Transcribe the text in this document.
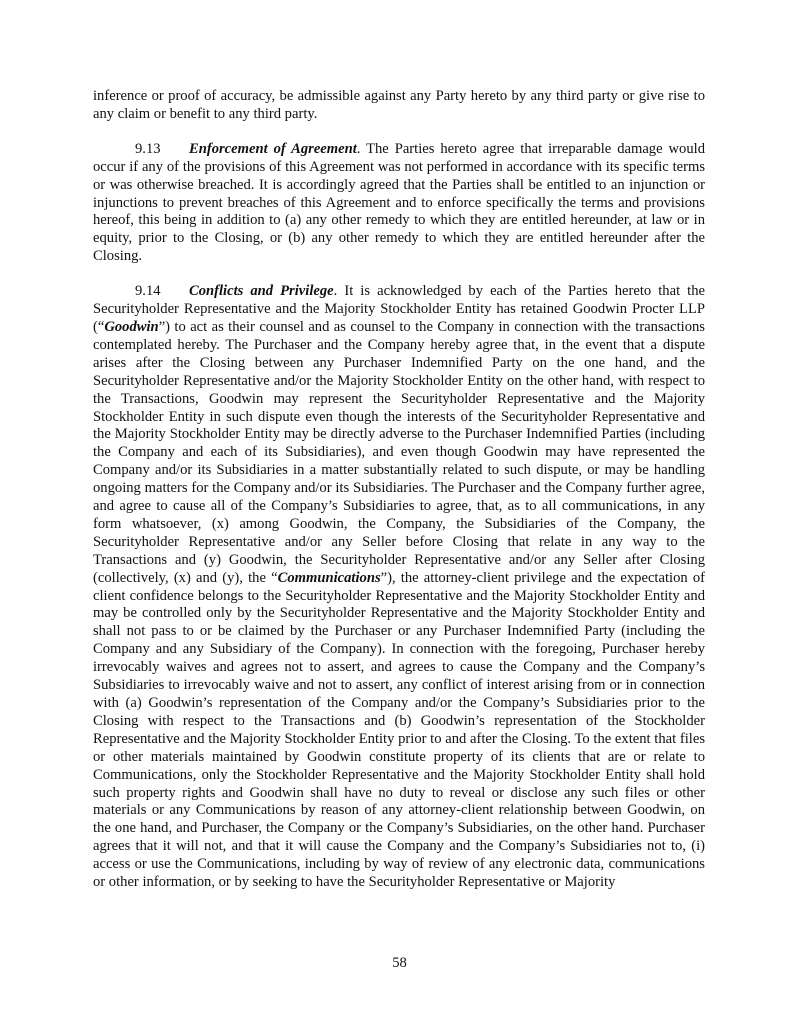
inference or proof of accuracy, be admissible against any Party hereto by any third party or give rise to any claim or benefit to any third party.

9.13 Enforcement of Agreement. The Parties hereto agree that irreparable damage would occur if any of the provisions of this Agreement was not performed in accordance with its specific terms or was otherwise breached. It is accordingly agreed that the Parties shall be entitled to an injunction or injunctions to prevent breaches of this Agreement and to enforce specifically the terms and provisions hereof, this being in addition to (a) any other remedy to which they are entitled hereunder, at law or in equity, prior to the Closing, or (b) any other remedy to which they are entitled hereunder after the Closing.

9.14 Conflicts and Privilege. It is acknowledged by each of the Parties hereto that the Securityholder Representative and the Majority Stockholder Entity has retained Goodwin Procter LLP (“Goodwin”) to act as their counsel and as counsel to the Company in connection with the transactions contemplated hereby. The Purchaser and the Company hereby agree that, in the event that a dispute arises after the Closing between any Purchaser Indemnified Party on the one hand, and the Securityholder Representative and/or the Majority Stockholder Entity on the other hand, with respect to the Transactions, Goodwin may represent the Securityholder Representative and the Majority Stockholder Entity in such dispute even though the interests of the Securityholder Representative and the Majority Stockholder Entity may be directly adverse to the Purchaser Indemnified Parties (including the Company and each of its Subsidiaries), and even though Goodwin may have represented the Company and/or its Subsidiaries in a matter substantially related to such dispute, or may be handling ongoing matters for the Company and/or its Subsidiaries. The Purchaser and the Company further agree, and agree to cause all of the Company’s Subsidiaries to agree, that, as to all communications, in any form whatsoever, (x) among Goodwin, the Company, the Subsidiaries of the Company, the Securityholder Representative and/or any Seller before Closing that relate in any way to the Transactions and (y) Goodwin, the Securityholder Representative and/or any Seller after Closing (collectively, (x) and (y), the “Communications”), the attorney-client privilege and the expectation of client confidence belongs to the Securityholder Representative and the Majority Stockholder Entity and may be controlled only by the Securityholder Representative and the Majority Stockholder Entity and shall not pass to or be claimed by the Purchaser or any Purchaser Indemnified Party (including the Company and any Subsidiary of the Company). In connection with the foregoing, Purchaser hereby irrevocably waives and agrees not to assert, and agrees to cause the Company and the Company’s Subsidiaries to irrevocably waive and not to assert, any conflict of interest arising from or in connection with (a) Goodwin’s representation of the Company and/or the Company’s Subsidiaries prior to the Closing with respect to the Transactions and (b) Goodwin’s representation of the Stockholder Representative and the Majority Stockholder Entity prior to and after the Closing. To the extent that files or other materials maintained by Goodwin constitute property of its clients that are or relate to Communications, only the Stockholder Representative and the Majority Stockholder Entity shall hold such property rights and Goodwin shall have no duty to reveal or disclose any such files or other materials or any Communications by reason of any attorney-client relationship between Goodwin, on the one hand, and Purchaser, the Company or the Company’s Subsidiaries, on the other hand. Purchaser agrees that it will not, and that it will cause the Company and the Company’s Subsidiaries not to, (i) access or use the Communications, including by way of review of any electronic data, communications or other information, or by seeking to have the Securityholder Representative or Majority

58
